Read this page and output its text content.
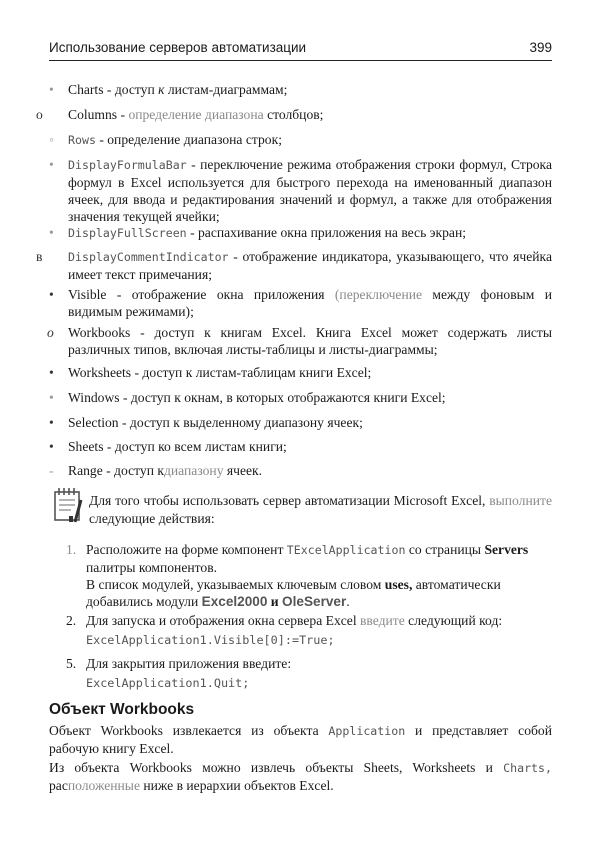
Использование серверов автоматизации	399
•	Charts - доступ к листам-диаграммам;
o	Columns - определение диапазона столбцов;
◦	Rows - определение диапазона строк;
•	DisplayFormulaBar - переключение режима отображения строки формул, Строка формул в Excel используется для быстрого перехода на именованный диапазон ячеек, для ввода и редактирования значений и формул, а также для отображения значения текущей ячейки;
•	DisplayFullScreen - распахивание окна приложения на весь экран;
в	DisplayCommentIndicator - отображение индикатора, указывающего, что ячейка имеет текст примечания;
•	Visible - отображение окна приложения (переключение между фоновым и видимым режимами);
о	Workbooks - доступ к книгам Excel. Книга Excel может содержать листы различных типов, включая листы-таблицы и листы-диаграммы;
•	Worksheets - доступ к листам-таблицам книги Excel;
•	Windows - доступ к окнам, в которых отображаются книги Excel;
•	Selection - доступ к выделенному диапазону ячеек;
•	Sheets - доступ ко всем листам книги;
-	Range - доступ кдиапазону ячеек.
Для того чтобы использовать сервер автоматизации Microsoft Excel, выполните следующие действия:
1. Расположите на форме компонент TExcelApplication со страницы Servers палитры компонентов.
В список модулей, указываемых ключевым словом uses, автоматически добавились модули Excel2000 и OleServer.
2. Для запуска и отображения окна сервера Excel введите следующий код:
ExcelApplication1.Visible[0]:=True;
5. Для закрытия приложения введите:
ExcelApplication1.Quit;
Объект Workbooks
Объект Workbooks извлекается из объекта Application и представляет собой рабочую книгу Excel.
Из объекта Workbooks можно извлечь объекты Sheets, Worksheets и Charts, расположенные ниже в иерархии объектов Excel.
